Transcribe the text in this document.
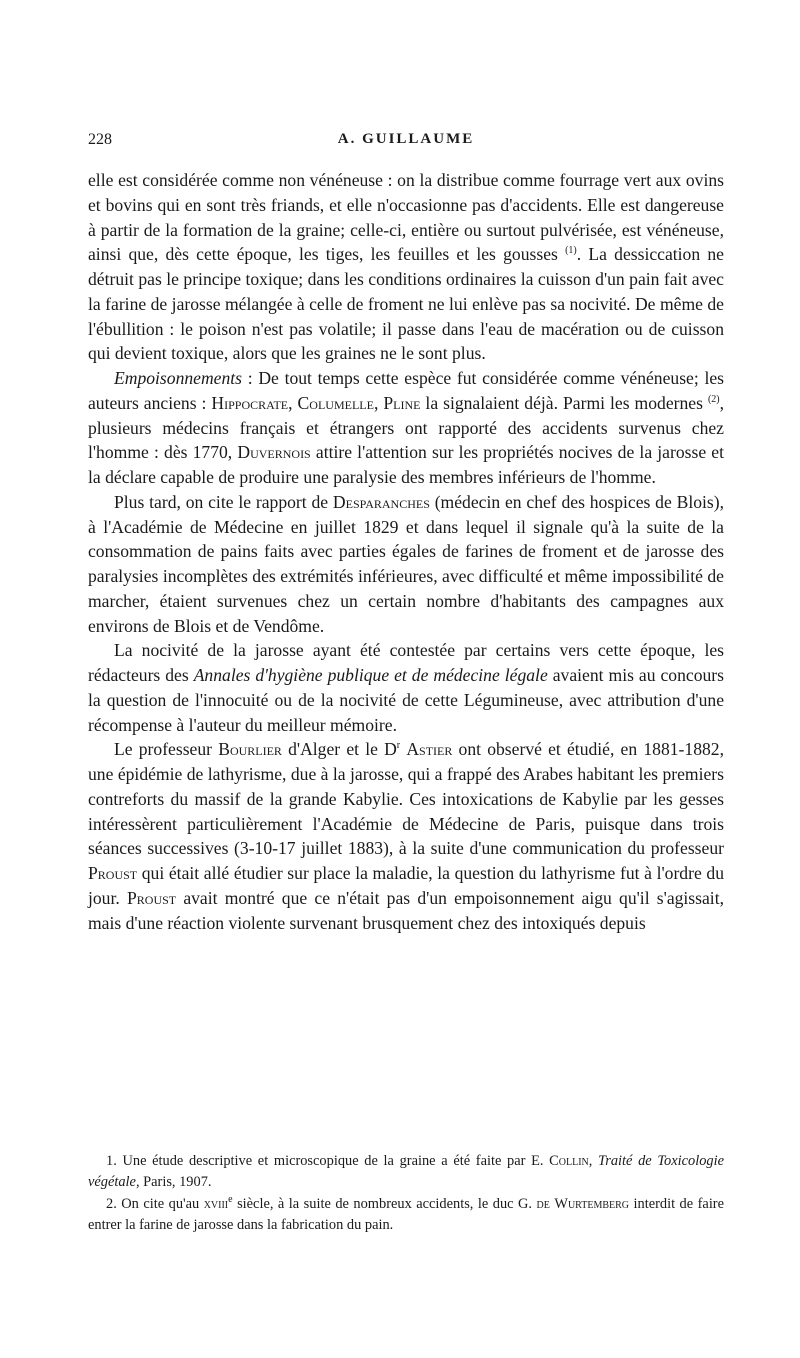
228	A. GUILLAUME

elle est considérée comme non vénéneuse : on la distribue comme fourrage vert aux ovins et bovins qui en sont très friands, et elle n'occasionne pas d'accidents. Elle est dangereuse à partir de la formation de la graine; celle-ci, entière ou surtout pulvérisée, est vénéneuse, ainsi que, dès cette époque, les tiges, les feuilles et les gousses $^{(1)}$. La dessiccation ne détruit pas le principe toxique; dans les conditions ordinaires la cuisson d'un pain fait avec la farine de jarosse mélangée à celle de froment ne lui enlève pas sa nocivité. De même de l'ébullition : le poison n'est pas volatile; il passe dans l'eau de macération ou de cuisson qui devient toxique, alors que les graines ne le sont plus.

Empoisonnements : De tout temps cette espèce fut considérée comme vénéneuse; les auteurs anciens : Hippocrate, Columelle, Pline la signalaient déjà. Parmi les modernes $^{(2)}$, plusieurs médecins français et étrangers ont rapporté des accidents survenus chez l'homme : dès 1770, Duvernois attire l'attention sur les propriétés nocives de la jarosse et la déclare capable de produire une paralysie des membres inférieurs de l'homme.

Plus tard, on cite le rapport de Desparanches (médecin en chef des hospices de Blois), à l'Académie de Médecine en juillet 1829 et dans lequel il signale qu'à la suite de la consommation de pains faits avec parties égales de farines de froment et de jarosse des paralysies incomplètes des extrémités inférieures, avec difficulté et même impossibilité de marcher, étaient survenues chez un certain nombre d'habitants des campagnes aux environs de Blois et de Vendôme.

La nocivité de la jarosse ayant été contestée par certains vers cette époque, les rédacteurs des Annales d'hygiène publique et de médecine légale avaient mis au concours la question de l'innocuité ou de la nocivité de cette Légumineuse, avec attribution d'une récompense à l'auteur du meilleur mémoire.

Le professeur Bourlier d'Alger et le $D^r$ Astier ont observé et étudié, en 1881-1882, une épidémie de lathyrisme, due à la jarosse, qui a frappé des Arabes habitant les premiers contreforts du massif de la grande Kabylie. Ces intoxications de Kabylie par les gesses intéressèrent particulièrement l'Académie de Médecine de Paris, puisque dans trois séances successives (3-10-17 juillet 1883), à la suite d'une communication du professeur Proust qui était allé étudier sur place la maladie, la question du lathyrisme fut à l'ordre du jour. Proust avait montré que ce n'était pas d'un empoisonnement aigu qu'il s'agissait, mais d'une réaction violente survenant brusquement chez des intoxiqués depuis

1. Une étude descriptive et microscopique de la graine a été faite par E. Collin, Traité de Toxicologie végétale, Paris, 1907.

2. On cite qu'au xviii$^e$ siècle, à la suite de nombreux accidents, le duc G. de Wurtemberg interdit de faire entrer la farine de jarosse dans la fabrication du pain.
